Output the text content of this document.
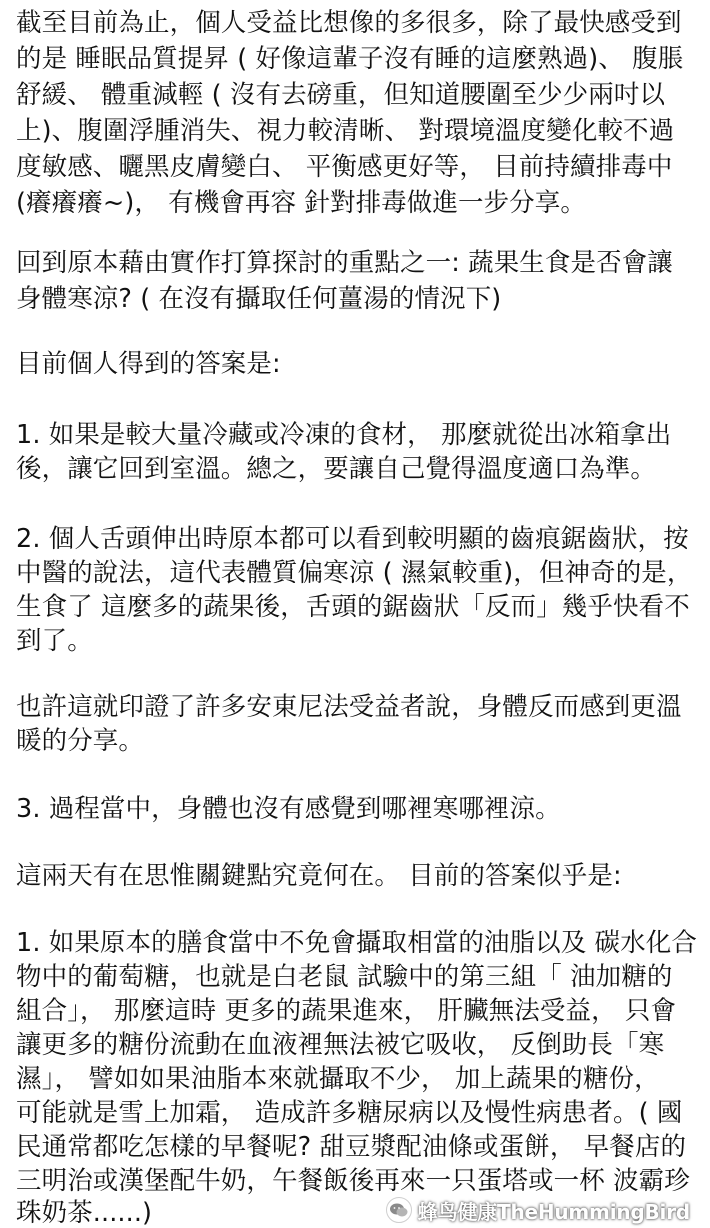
截至目前為止，個人受益比想像的多很多，除了最快感受到
的是 睡眠品質提昇 ( 好像這輩子沒有睡的這麼熟過)、 腹脹
舒緩、 體重減輕 ( 沒有去磅重，但知道腰圍至少少兩吋以
上)、腹圍浮腫消失、視力較清晰、 對環境溫度變化較不過
度敏感、曬黑皮膚變白、 平衡感更好等， 目前持續排毒中
(癢癢癢~)， 有機會再容 針對排毒做進一步分享。
回到原本藉由實作打算探討的重點之一: 蔬果生食是否會讓
身體寒涼? ( 在沒有攝取任何薑湯的情況下)
目前個人得到的答案是:
1. 如果是較大量冷藏或冷凍的食材， 那麼就從出冰箱拿出
後，讓它回到室溫。總之，要讓自己覺得溫度適口為準。
2. 個人舌頭伸出時原本都可以看到較明顯的齒痕鋸齒狀，按
中醫的說法，這代表體質偏寒涼 ( 濕氣較重)，但神奇的是，
生食了 這麼多的蔬果後，舌頭的鋸齒狀「反而」幾乎快看不
到了。
也許這就印證了許多安東尼法受益者說，身體反而感到更溫
暖的分享。
3. 過程當中，身體也沒有感覺到哪裡寒哪裡涼。
這兩天有在思惟關鍵點究竟何在。 目前的答案似乎是:
1. 如果原本的膳食當中不免會攝取相當的油脂以及 碳水化合
物中的葡萄糖，也就是白老鼠 試驗中的第三組「 油加糖的
組合」， 那麼這時 更多的蔬果進來， 肝臟無法受益， 只會
讓更多的糖份流動在血液裡無法被它吸收， 反倒助長「寒
濕」， 譬如如果油脂本來就攝取不少， 加上蔬果的糖份，
可能就是雪上加霜， 造成許多糖尿病以及慢性病患者。( 國
民通常都吃怎樣的早餐呢? 甜豆漿配油條或蛋餅， 早餐店的
三明治或漢堡配牛奶，午餐飯後再來一只蛋塔或一杯 波霸珍
珠奶茶......)	蜂鸟健康TheHummingBird
